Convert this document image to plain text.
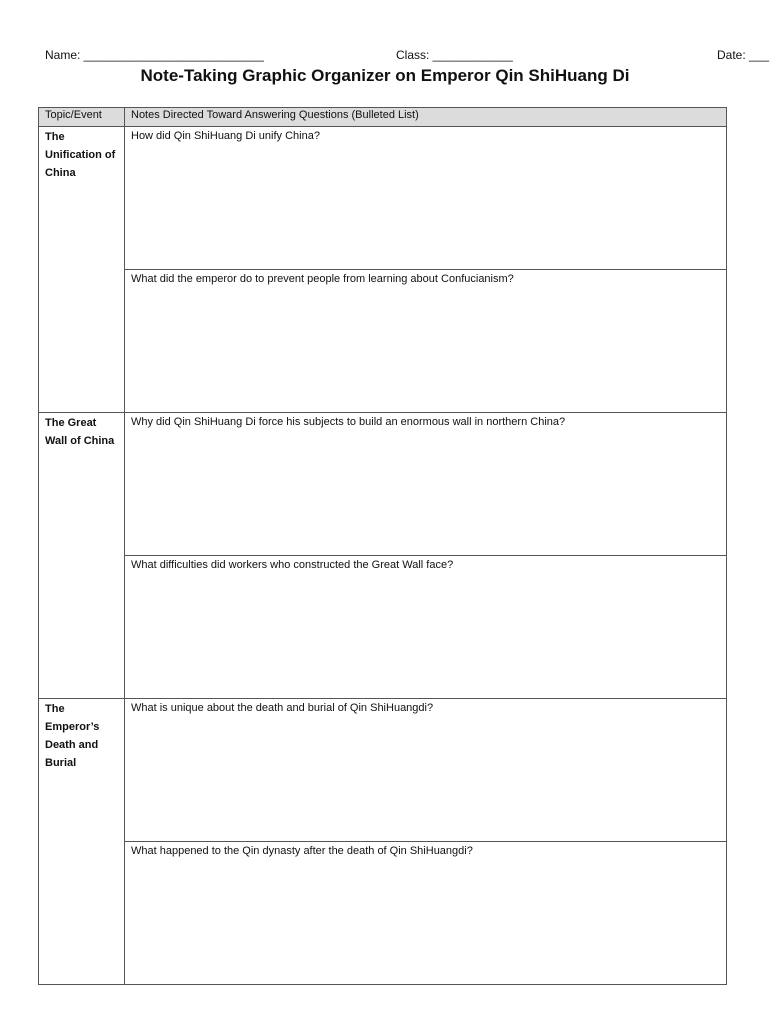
Name: ___________________________	Class: ____________	Date: ___
Note-Taking Graphic Organizer on Emperor Qin ShiHuang Di
Topic/Event	Notes Directed Toward Answering Questions (Bulleted List)
The Unification of China	How did Qin ShiHuang Di unify China?
	What did the emperor do to prevent people from learning about Confucianism?
The Great Wall of China	Why did Qin ShiHuang Di force his subjects to build an enormous wall in northern China?
	What difficulties did workers who constructed the Great Wall face?
The Emperor’s Death and Burial	What is unique about the death and burial of Qin ShiHuangdi?
	What happened to the Qin dynasty after the death of Qin ShiHuangdi?
